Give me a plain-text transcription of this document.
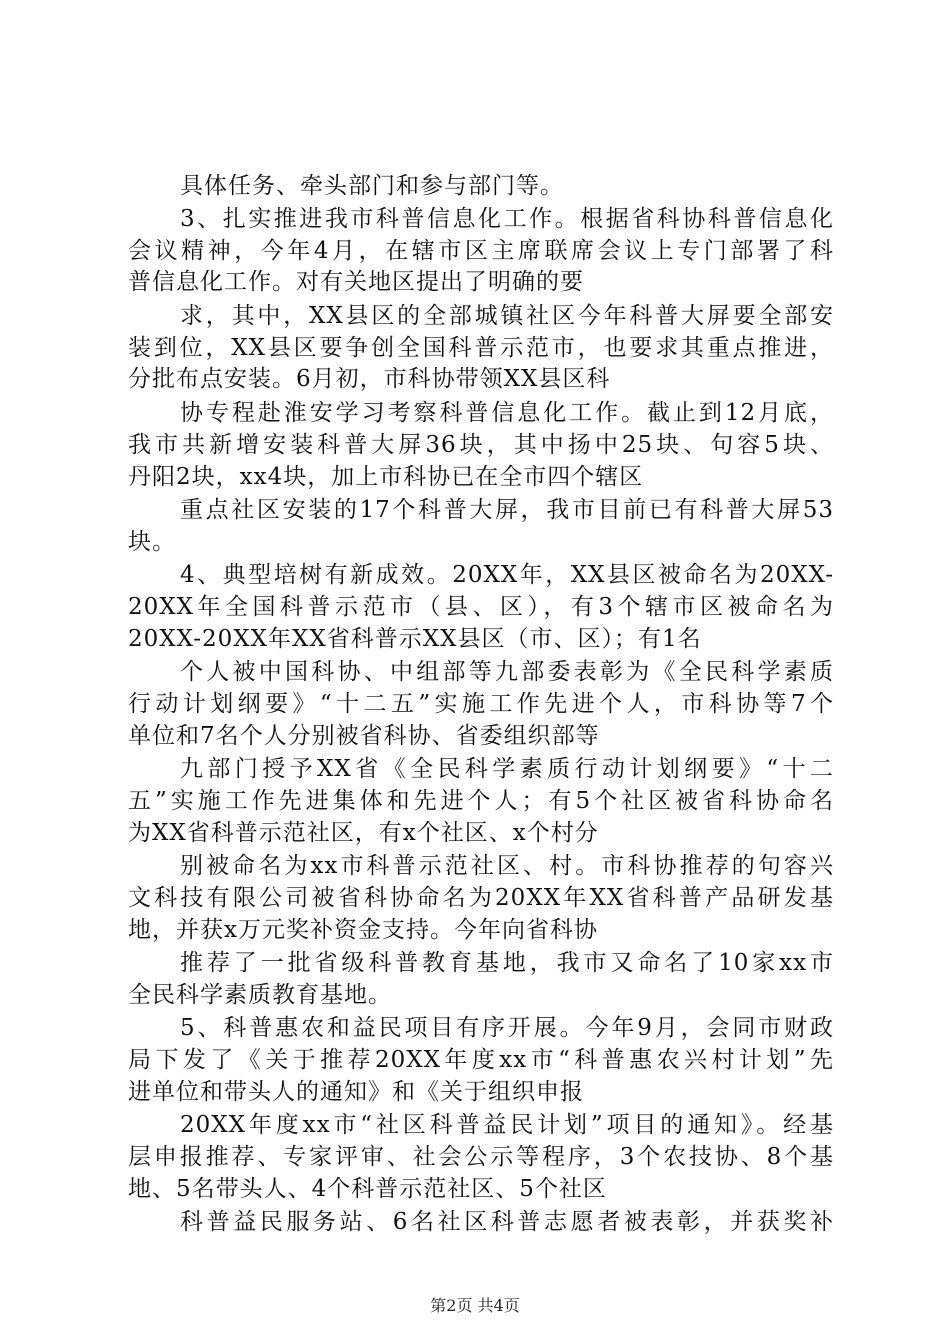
具体任务、牵头部门和参与部门等。
3、扎实推进我市科普信息化工作。根据省科协科普信息化
会议精神，今年4月，在辖市区主席联席会议上专门部署了科
普信息化工作。对有关地区提出了明确的要
求，其中，XX县区的全部城镇社区今年科普大屏要全部安
装到位，XX县区要争创全国科普示范市，也要求其重点推进，
分批布点安装。6月初，市科协带领XX县区科
协专程赴淮安学习考察科普信息化工作。截止到12月底，
我市共新增安装科普大屏36块，其中扬中25块、句容5块、
丹阳2块，xx4块，加上市科协已在全市四个辖区
重点社区安装的17个科普大屏，我市目前已有科普大屏53
块。
4、典型培树有新成效。20XX年，XX县区被命名为20XX-
20XX年全国科普示范市（县、区），有3个辖市区被命名为
20XX-20XX年XX省科普示XX县区（市、区）；有1名
个人被中国科协、中组部等九部委表彰为《全民科学素质
行动计划纲要》“十二五”实施工作先进个人，市科协等7个
单位和7名个人分别被省科协、省委组织部等
九部门授予XX省《全民科学素质行动计划纲要》“十二
五”实施工作先进集体和先进个人；有5个社区被省科协命名
为XX省科普示范社区，有x个社区、x个村分
别被命名为xx市科普示范社区、村。市科协推荐的句容兴
文科技有限公司被省科协命名为20XX年XX省科普产品研发基
地，并获x万元奖补资金支持。今年向省科协
推荐了一批省级科普教育基地，我市又命名了10家xx市
全民科学素质教育基地。
5、科普惠农和益民项目有序开展。今年9月，会同市财政
局下发了《关于推荐20XX年度xx市“科普惠农兴村计划”先
进单位和带头人的通知》和《关于组织申报
20XX年度xx市“社区科普益民计划”项目的通知》。经基
层申报推荐、专家评审、社会公示等程序，3个农技协、8个基
地、5名带头人、4个科普示范社区、5个社区
科普益民服务站、6名社区科普志愿者被表彰，并获奖补
第2页 共4页
